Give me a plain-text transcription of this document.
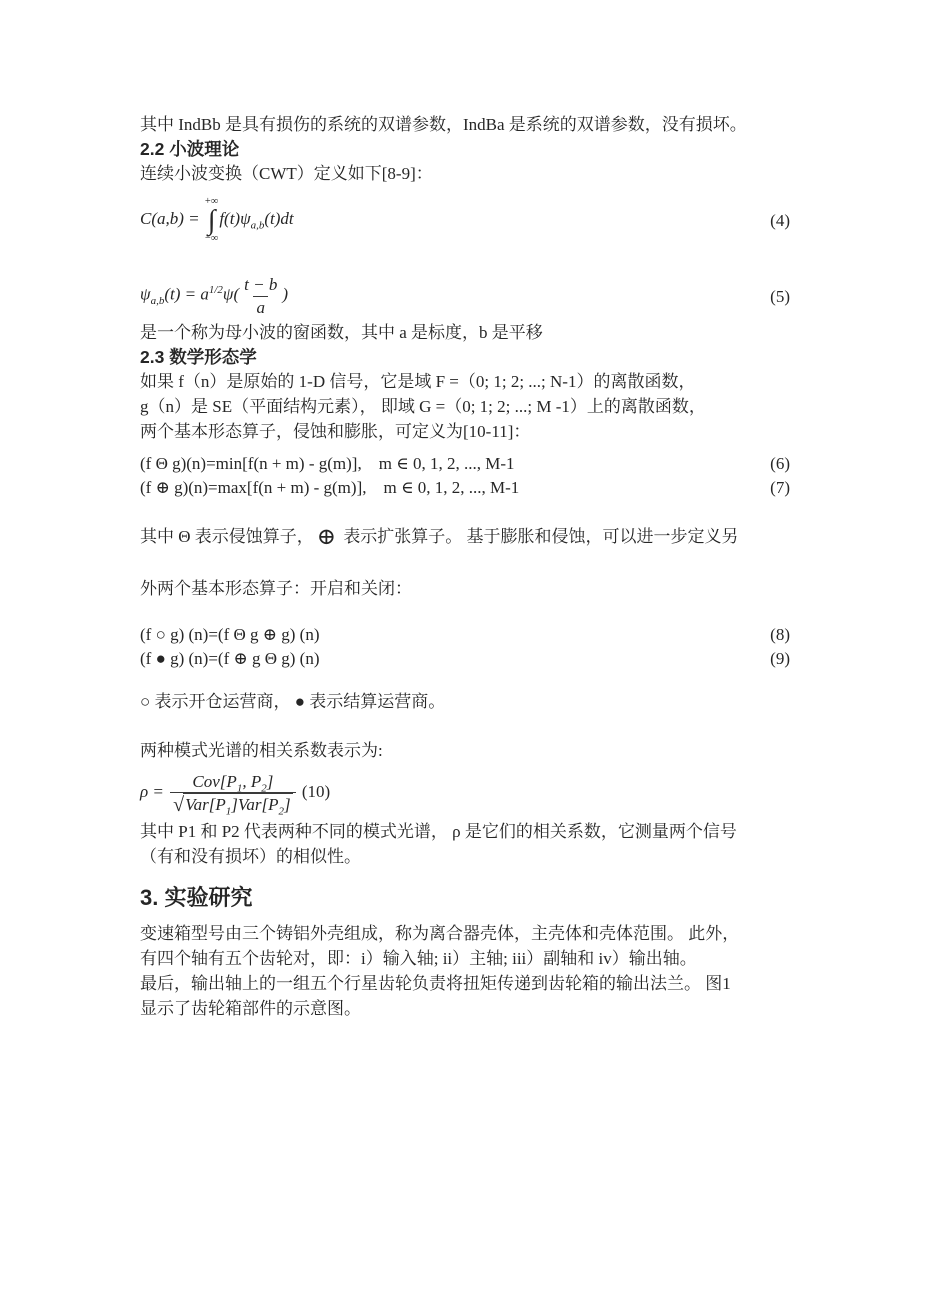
其中 IndBb 是具有损伤的系统的双谱参数，IndBa 是系统的双谱参数，没有损坏。

2.2 小波理论

连续小波变换（CWT）定义如下[8-9]：

C(a,b) =
+∞
∫
−∞
$f(t)\psi_{a,b}(t)dt$	(4)
$\psi_{a,b}(t) = a^{1/2}\psi( \frac{t - b}{a}$ )	(5)

是一个称为母小波的窗函数，其中 a 是标度，b 是平移

2.3 数学形态学

如果 f（n）是原始的 1-D 信号，它是域 F =（0; 1; 2; ...; N-1）的离散函数，
g（n）是 SE（平面结构元素）， 即域 G =（0; 1; 2; ...; M -1）上的离散函数，
两个基本形态算子，侵蚀和膨胀，可定义为[10-11]：

(f Θ g)(n)=min[f(n + m) - g(m)],　m ∈ 0, 1, 2, ..., M-1	(6)
(f ⊕ g)(n)=max[f(n + m) - g(m)],　m ∈ 0, 1, 2, ..., M-1	(7)

其中 Θ 表示侵蚀算子， ⊕ 表示扩张算子。 基于膨胀和侵蚀，可以进一步定义另

外两个基本形态算子：开启和关闭：

(f ○ g) (n)=(f Θ g ⊕ g) (n)	(8)
(f ● g) (n)=(f ⊕ g Θ g) (n)	(9)

○ 表示开仓运营商， ● 表示结算运营商。

两种模式光谱的相关系数表示为:

$\rho = \frac{Cov[P_1, P_2]}{√ Var[P_1]Var[P_2]} (10)$

其中 P1 和 P2 代表两种不同的模式光谱， ρ 是它们的相关系数，它测量两个信号
（有和没有损坏）的相似性。

3. 实验研究

变速箱型号由三个铸铝外壳组成，称为离合器壳体，主壳体和壳体范围。 此外，
有四个轴有五个齿轮对，即：i）输入轴; ii）主轴; iii）副轴和 iv）输出轴。
最后，输出轴上的一组五个行星齿轮负责将扭矩传递到齿轮箱的输出法兰。 图1
显示了齿轮箱部件的示意图。
